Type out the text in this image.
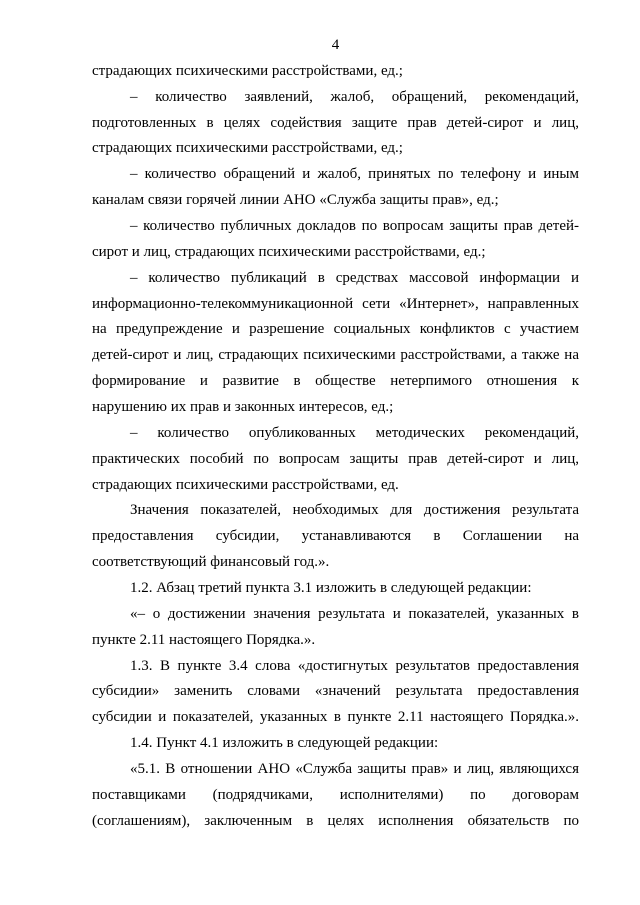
4
страдающих психическими расстройствами, ед.;
– количество заявлений, жалоб, обращений, рекомендаций,
подготовленных в целях содействия защите прав детей-сирот и лиц,
страдающих психическими расстройствами, ед.;
– количество обращений и жалоб, принятых по телефону и иным
каналам связи горячей линии АНО «Служба защиты прав», ед.;
– количество публичных докладов по вопросам защиты прав детей-
сирот и лиц, страдающих психическими расстройствами, ед.;
– количество публикаций в средствах массовой информации и
информационно-телекоммуникационной сети «Интернет», направленных
на предупреждение и разрешение социальных конфликтов с участием
детей-сирот и лиц, страдающих психическими расстройствами, а также на
формирование и развитие в обществе нетерпимого отношения к
нарушению их прав и законных интересов, ед.;
– количество опубликованных методических рекомендаций,
практических пособий по вопросам защиты прав детей-сирот и лиц,
страдающих психическими расстройствами, ед.
Значения показателей, необходимых для достижения результата
предоставления субсидии, устанавливаются в Соглашении на
соответствующий финансовый год.».
1.2. Абзац третий пункта 3.1 изложить в следующей редакции:
«– о достижении значения результата и показателей, указанных в
пункте 2.11 настоящего Порядка.».
1.3. В пункте 3.4 слова «достигнутых результатов предоставления
субсидии» заменить словами «значений результата предоставления
субсидии и показателей, указанных в пункте 2.11 настоящего Порядка.».
1.4. Пункт 4.1 изложить в следующей редакции:
«5.1. В отношении АНО «Служба защиты прав» и лиц, являющихся
поставщиками (подрядчиками, исполнителями) по договорам
(соглашениям), заключенным в целях исполнения обязательств по
